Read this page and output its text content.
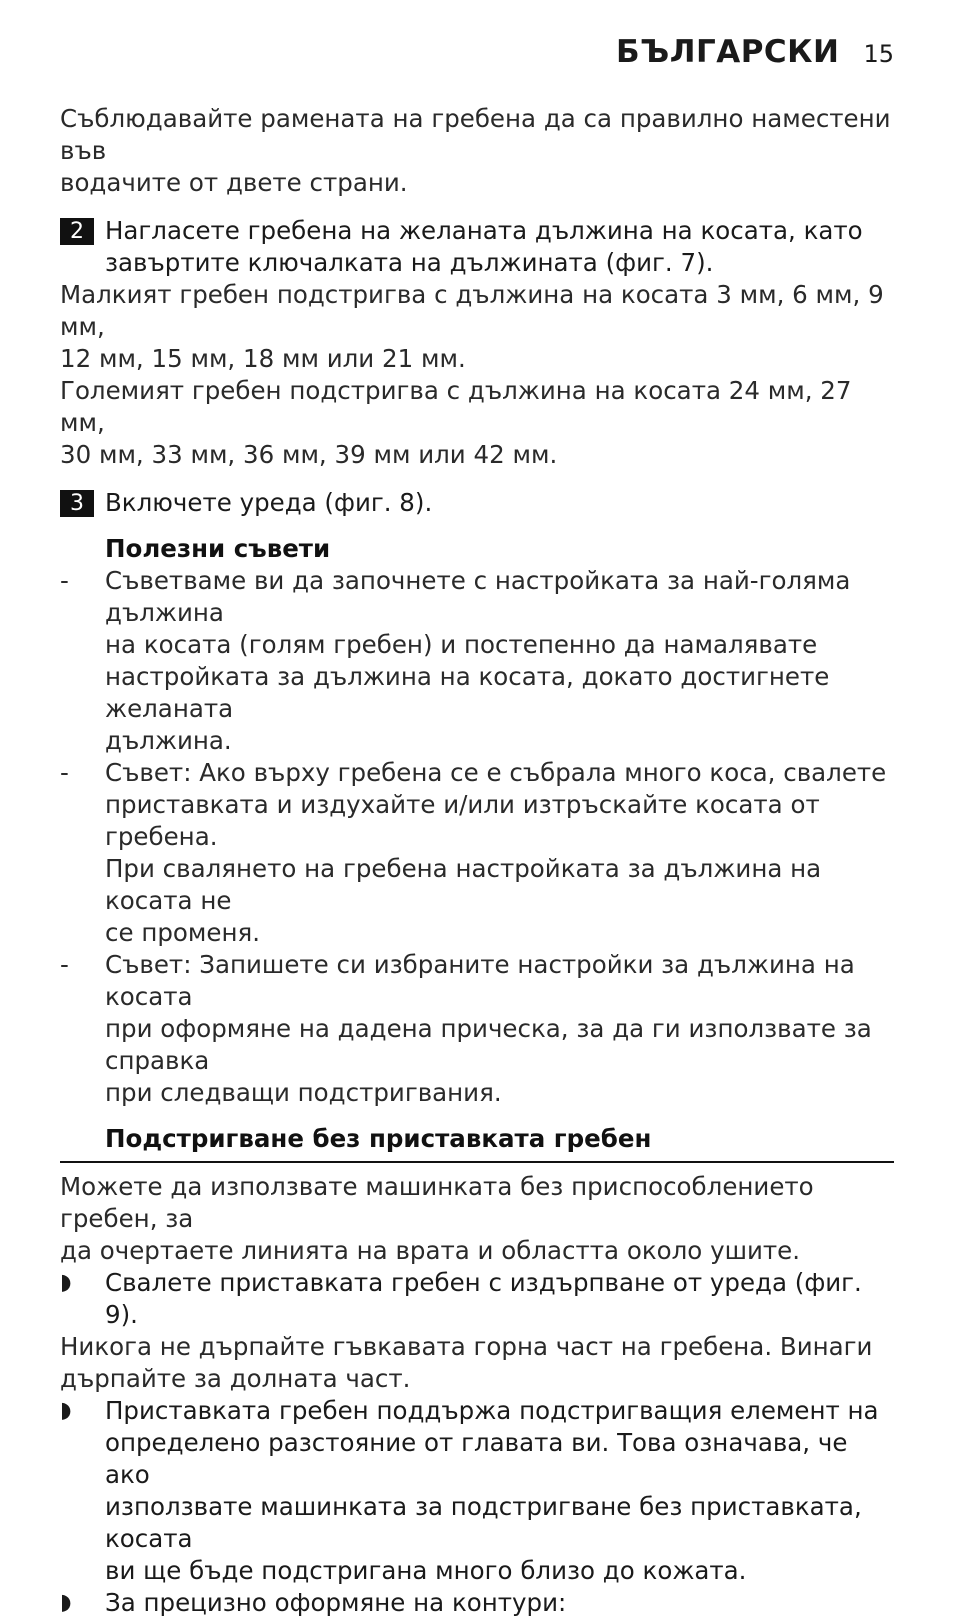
БЪЛГАРСКИ 15
Съблюдавайте рамената на гребена да са правилно наместени във
водачите от двете страни.
2 Нагласете гребена на желаната дължина на косата, като
завъртите ключалката на дължината (фиг. 7).
Малкият гребен подстригва с дължина на косата 3 мм, 6 мм, 9 мм,
12 мм, 15 мм, 18 мм или 21 мм.
Големият гребен подстригва с дължина на косата 24 мм, 27 мм,
30 мм, 33 мм, 36 мм, 39 мм или 42 мм.
3 Включете уреда (фиг. 8).
Полезни съвети
-	Съветваме ви да започнете с настройката за най-голяма дължина
на косата (голям гребен) и постепенно да намалявате
настройката за дължина на косата, докато достигнете желаната
дължина.
-	Съвет: Ако върху гребена се е събрала много коса, свалете
приставката и издухайте и/или изтръскайте косата от гребена.
При свалянето на гребена настройката за дължина на косата не
се променя.
-	Съвет: Запишете си избраните настройки за дължина на косата
при оформяне на дадена прическа, за да ги използвате за справка
при следващи подстригвания.
Подстригване без приставката гребен
Можете да използвате машинката без приспособлението гребен, за
да очертаете линията на врата и областта около ушите.
◗	Свалете приставката гребен с издърпване от уреда (фиг. 9).
Никога не дърпайте гъвкавата горна част на гребена. Винаги
дърпайте за долната част.
◗	Приставката гребен поддържа подстригващия елемент на
определено разстояние от главата ви. Това означава, че ако
използвате машинката за подстригване без приставката, косата
ви ще бъде подстригана много близо до кожата.
◗	За прецизно оформяне на контури:
